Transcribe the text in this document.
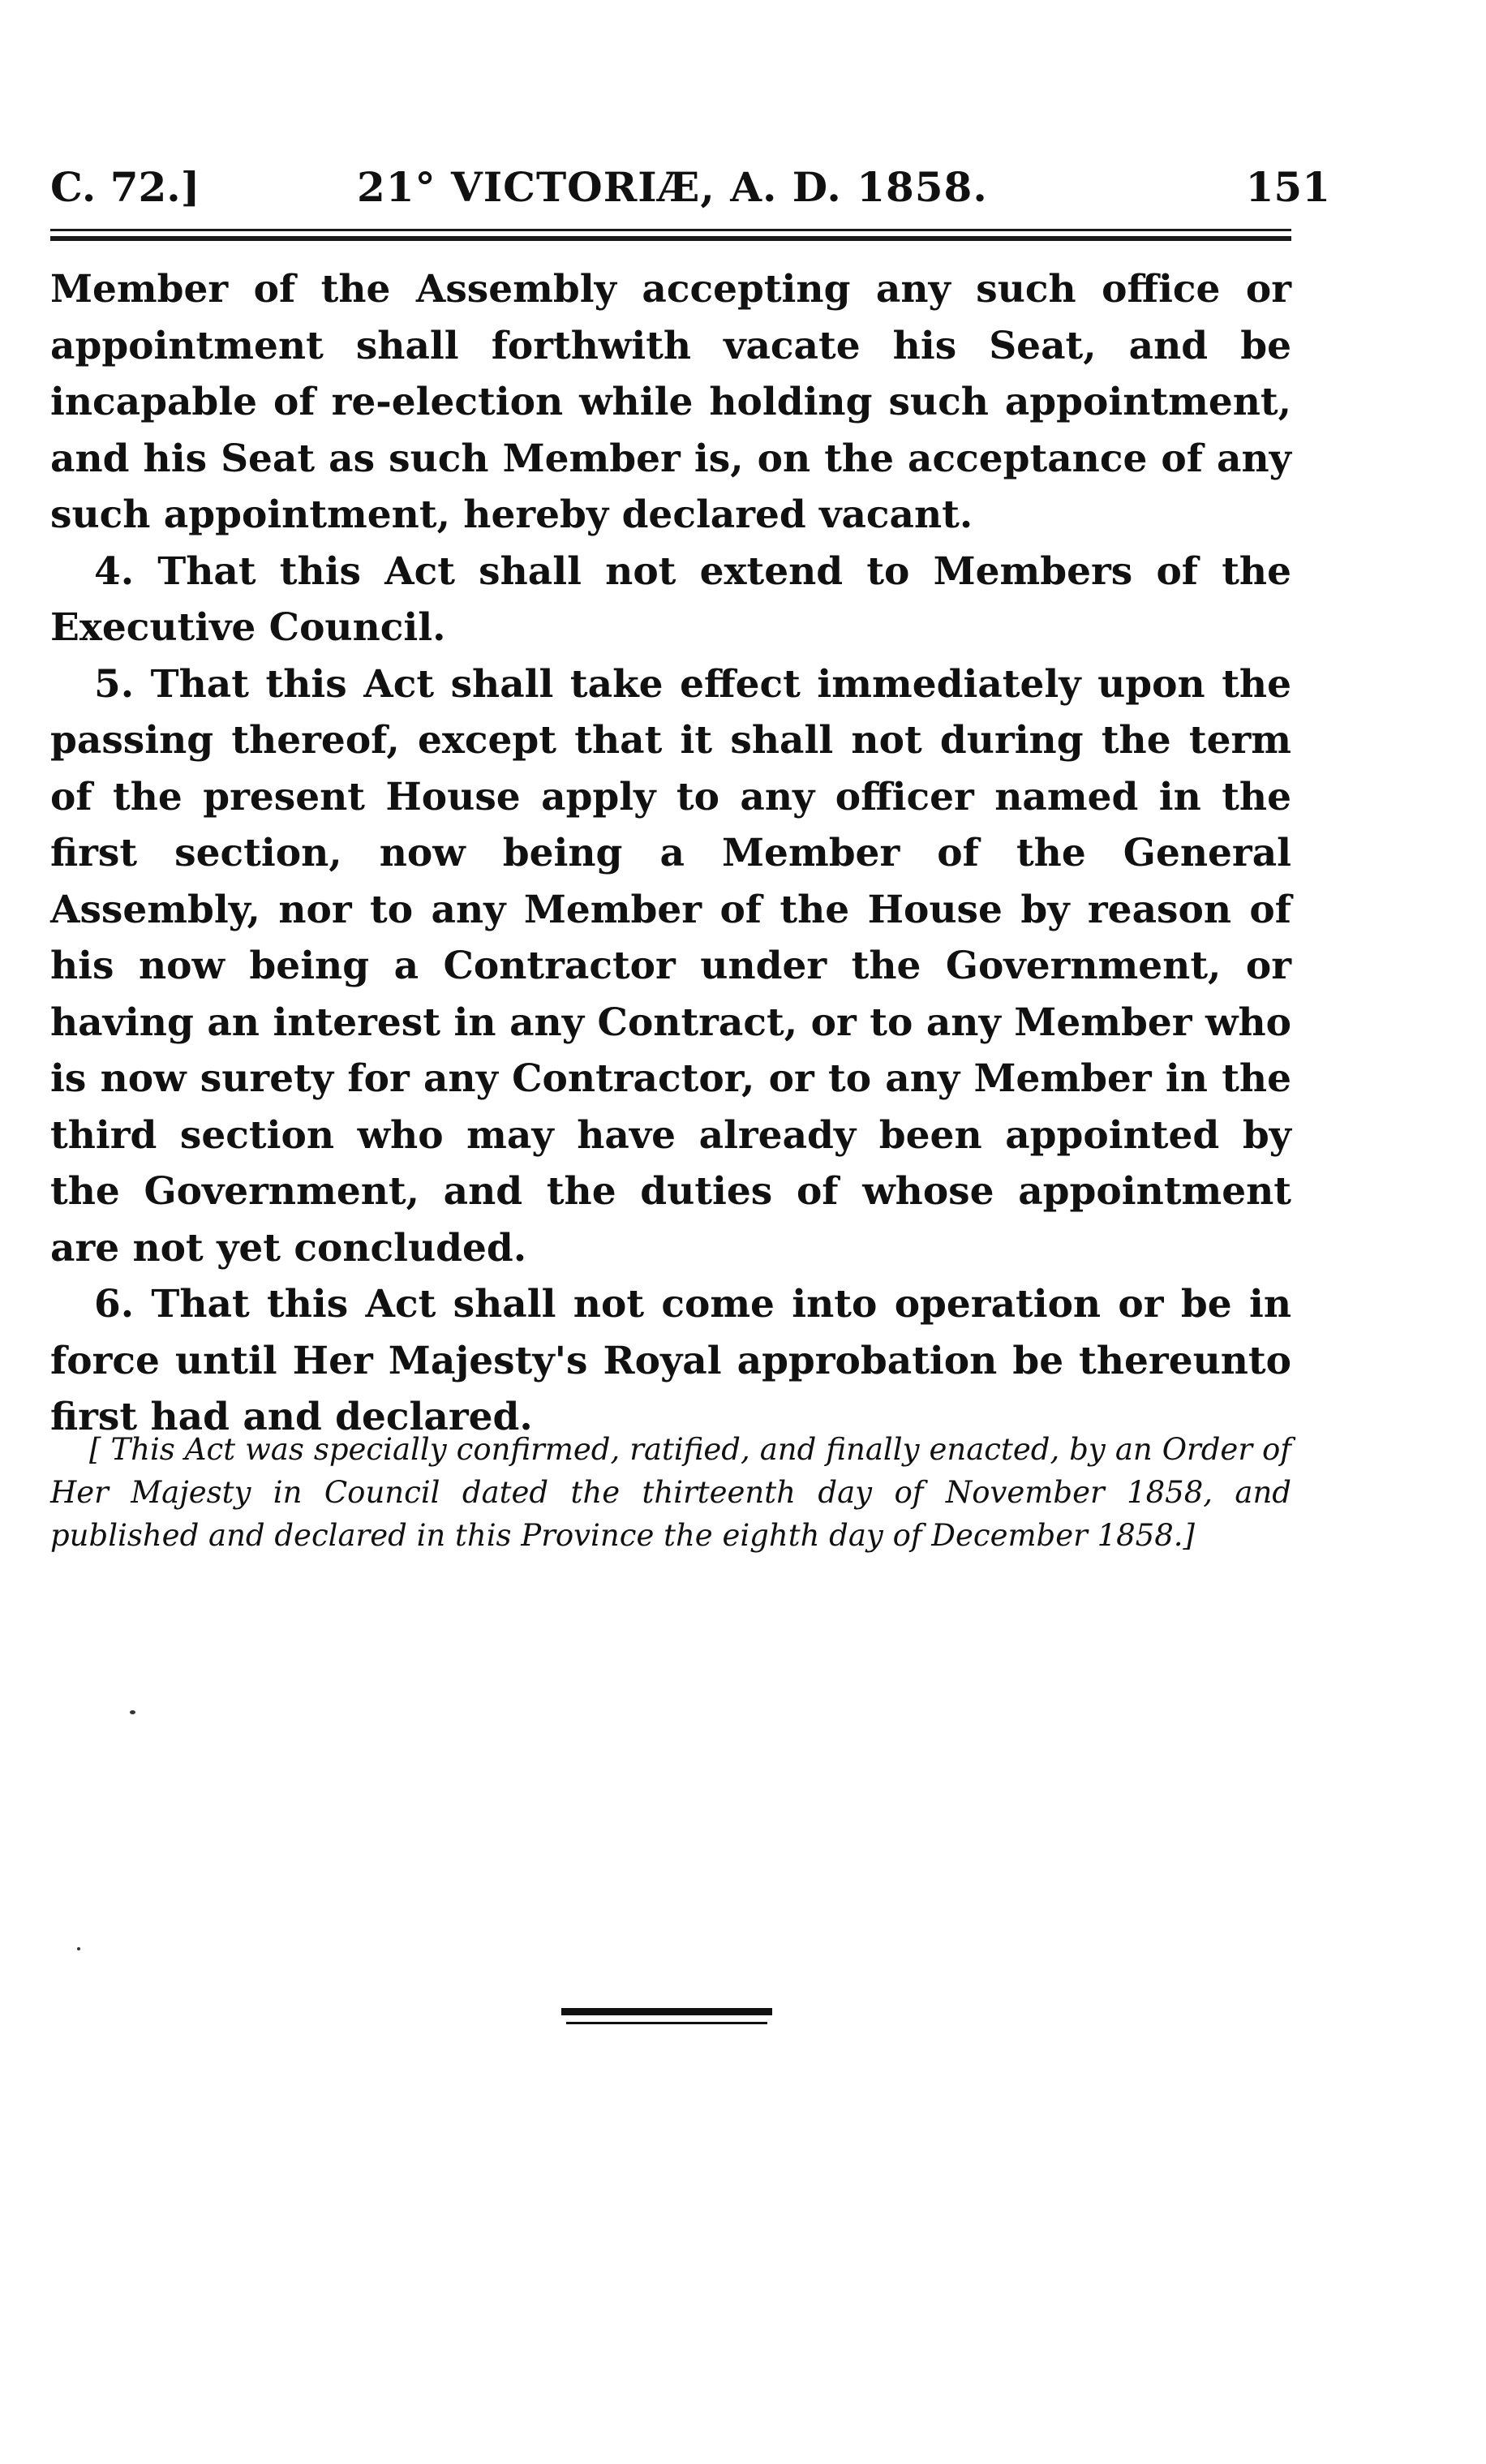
C. 72.]	21° VICTORIÆ, A. D. 1858.	151

Member of the Assembly accepting any such office or appointment shall forthwith vacate his Seat, and be incapable of re-election while holding such appointment, and his Seat as such Member is, on the acceptance of any such appointment, hereby declared vacant.

4. That this Act shall not extend to Members of the Executive Council.

5. That this Act shall take effect immediately upon the passing thereof, except that it shall not during the term of the present House apply to any officer named in the first section, now being a Member of the General Assembly, nor to any Member of the House by reason of his now being a Contractor under the Government, or having an interest in any Contract, or to any Member who is now surety for any Contractor, or to any Member in the third section who may have already been appointed by the Government, and the duties of whose appointment are not yet concluded.

6. That this Act shall not come into operation or be in force until Her Majesty's Royal approbation be thereunto first had and declared.

[ This Act was specially confirmed, ratified, and finally enacted, by an Order of Her Majesty in Council dated the thirteenth day of November 1858, and published and declared in this Province the eighth day of December 1858.]
